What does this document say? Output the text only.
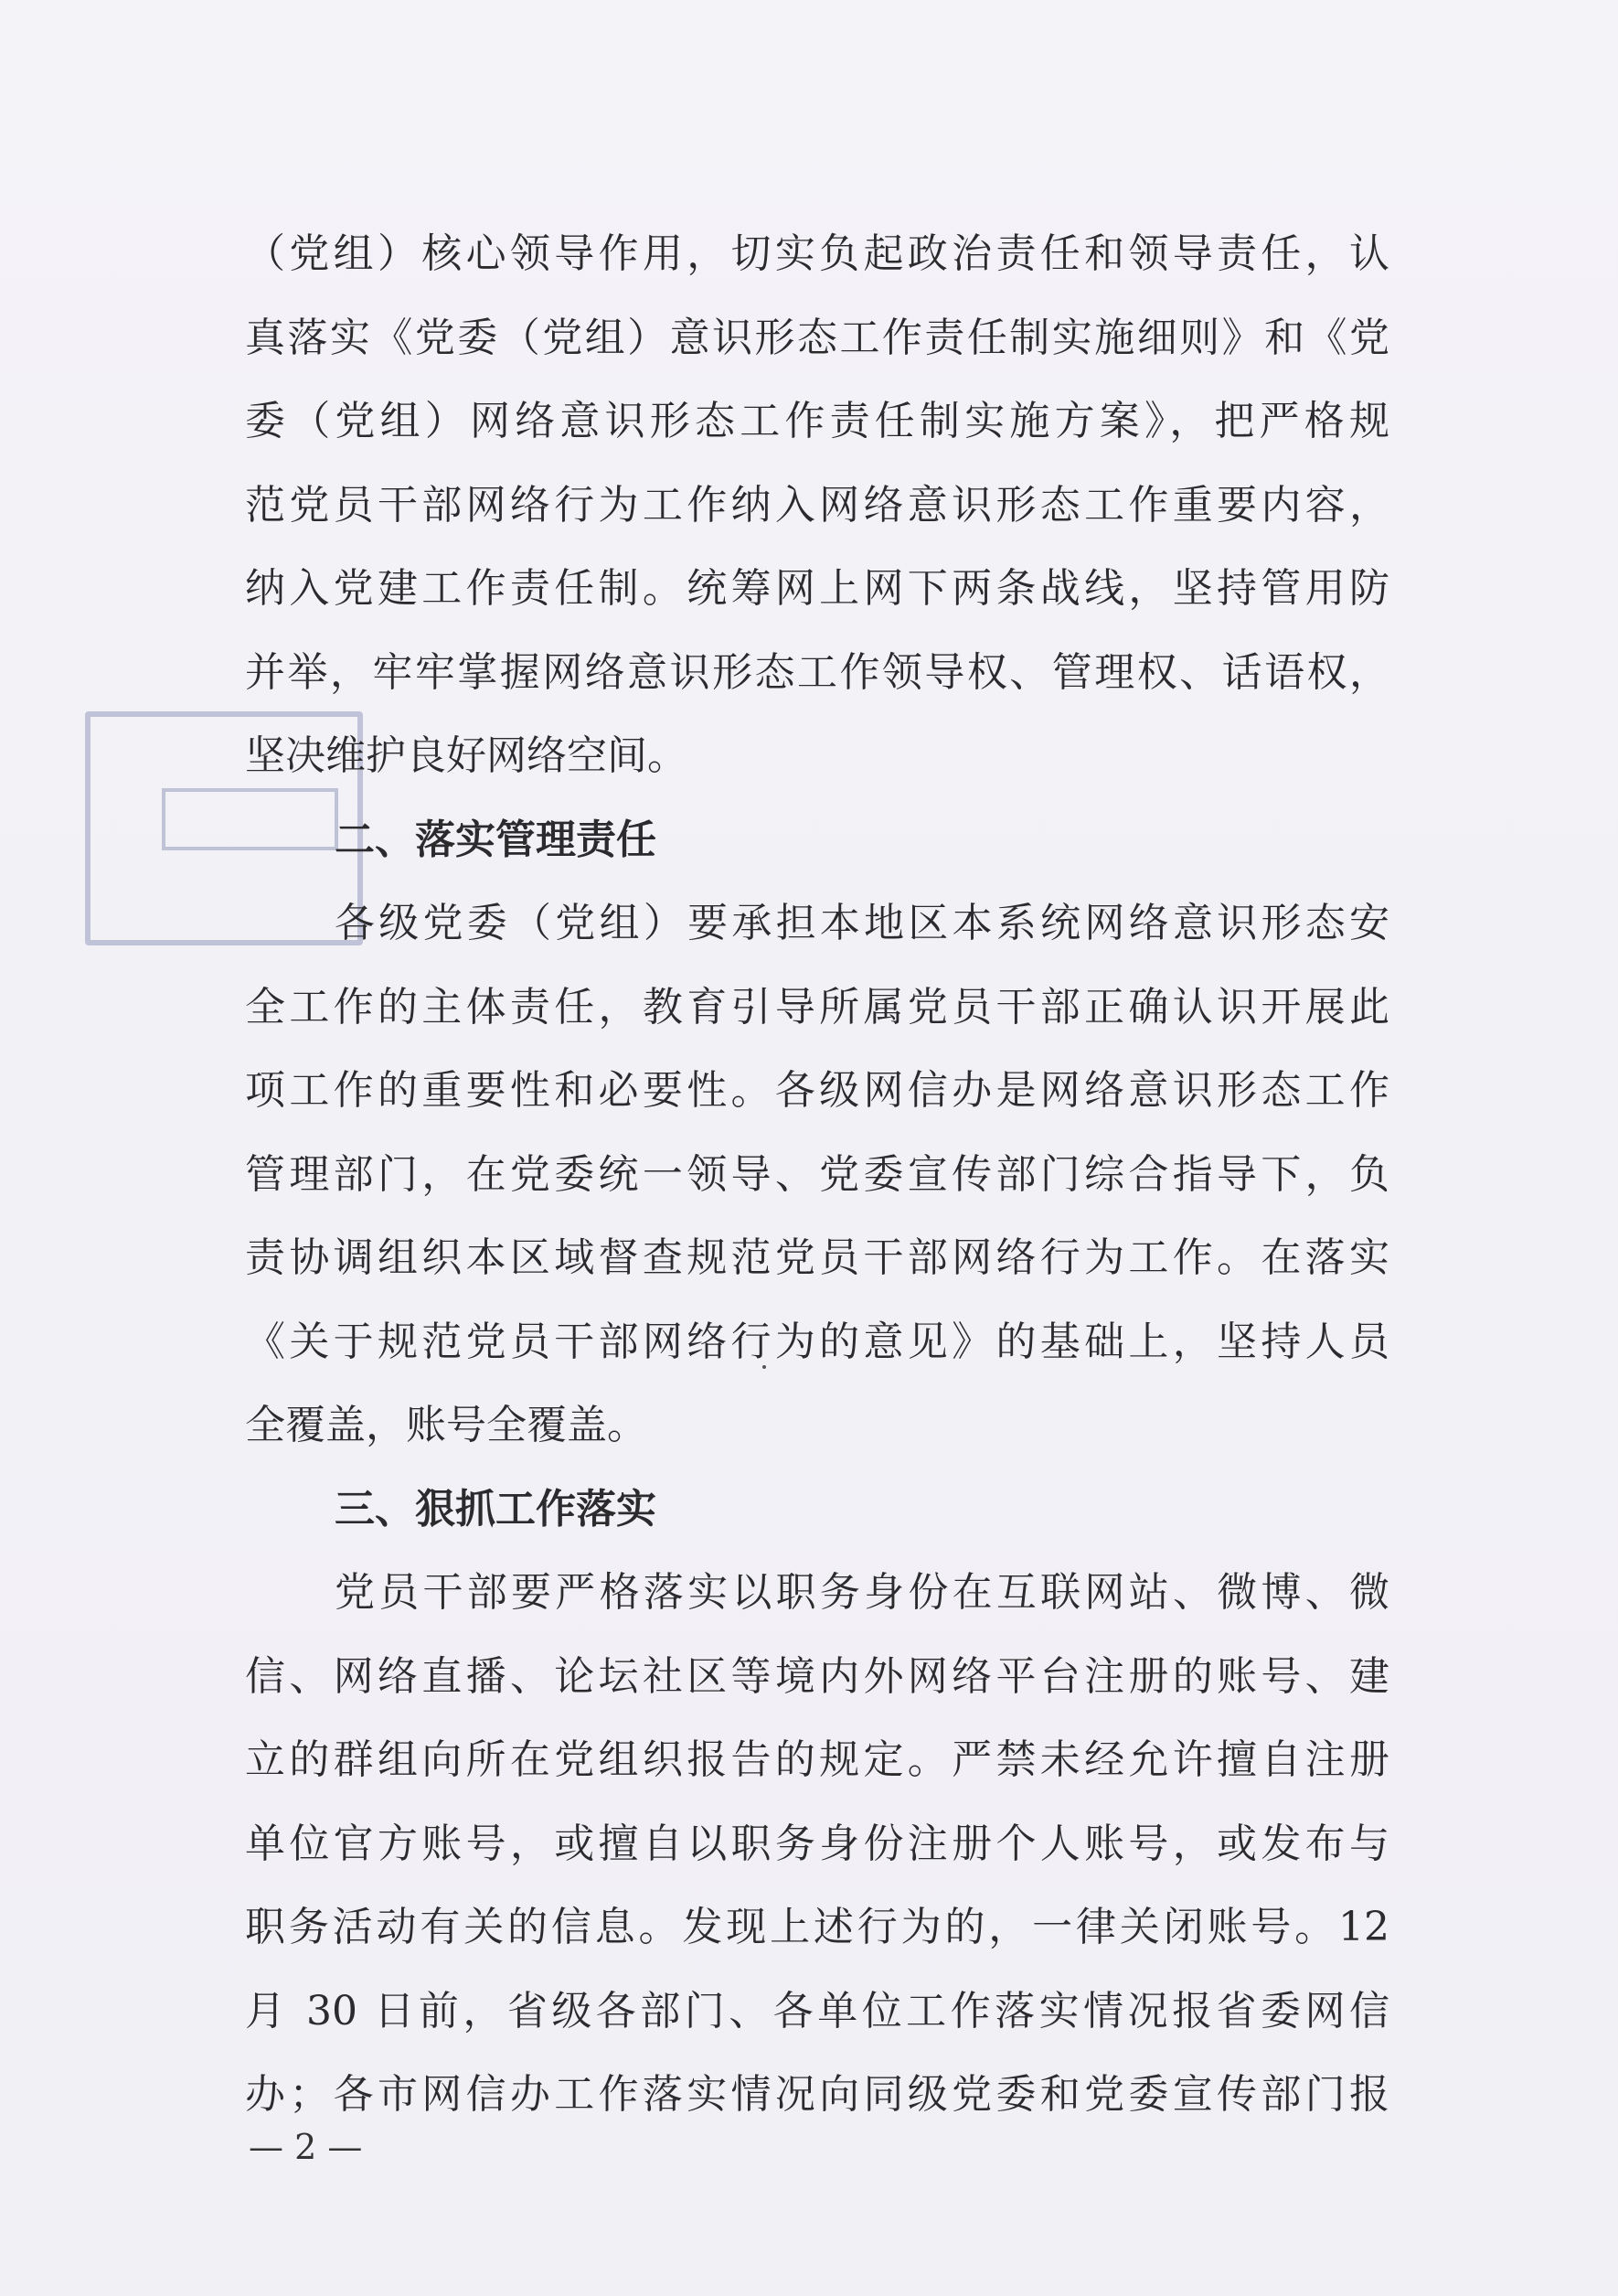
（党组）核心领导作用，切实负起政治责任和领导责任，认
真落实《党委（党组）意识形态工作责任制实施细则》和《党
委（党组）网络意识形态工作责任制实施方案》，把严格规
范党员干部网络行为工作纳入网络意识形态工作重要内容，
纳入党建工作责任制。统筹网上网下两条战线，坚持管用防
并举，牢牢掌握网络意识形态工作领导权、管理权、话语权，
坚决维护良好网络空间。
二、落实管理责任
各级党委（党组）要承担本地区本系统网络意识形态安
全工作的主体责任，教育引导所属党员干部正确认识开展此
项工作的重要性和必要性。各级网信办是网络意识形态工作
管理部门，在党委统一领导、党委宣传部门综合指导下，负
责协调组织本区域督查规范党员干部网络行为工作。在落实
《关于规范党员干部网络行为的意见》的基础上，坚持人员
全覆盖，账号全覆盖。
三、狠抓工作落实
党员干部要严格落实以职务身份在互联网站、微博、微
信、网络直播、论坛社区等境内外网络平台注册的账号、建
立的群组向所在党组织报告的规定。严禁未经允许擅自注册
单位官方账号，或擅自以职务身份注册个人账号，或发布与
职务活动有关的信息。发现上述行为的，一律关闭账号。12
月 30 日前，省级各部门、各单位工作落实情况报省委网信
办；各市网信办工作落实情况向同级党委和党委宣传部门报
— 2 —
